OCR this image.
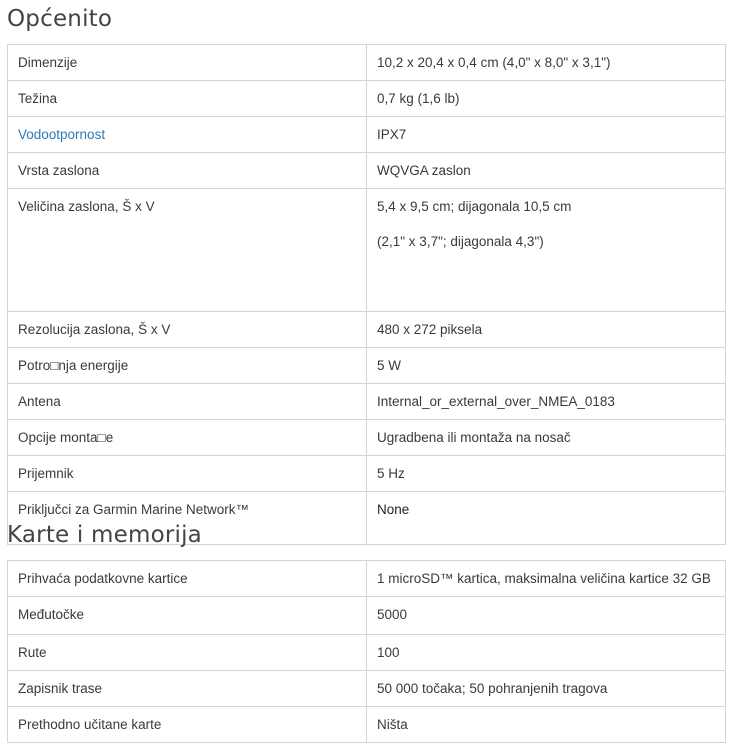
Općenito
Dimenzije	10,2 x 20,4 x 0,4 cm (4,0" x 8,0" x 3,1")
Težina	0,7 kg (1,6 lb)
Vodootpornost	IPX7
Vrsta zaslona	WQVGA zaslon
Veličina zaslona, Š x V	5,4 x 9,5 cm; dijagonala 10,5 cm
(2,1" x 3,7"; dijagonala 4,3")

Rezolucija zaslona, Š x V	480 x 272 piksela
Potro□nja energije	5 W
Antena	Internal_or_external_over_NMEA_0183
Opcije monta□e	Ugradbena ili montaža na nosač
Prijemnik	5 Hz
Priključci za Garmin Marine Network™	None
Karte i memorija
Prihvaća podatkovne kartice	1 microSD™ kartica, maksimalna veličina kartice 32 GB
Međutočke	5000
Rute	100
Zapisnik trase	50 000 točaka; 50 pohranjenih tragova
Prethodno učitane karte	Ništa
